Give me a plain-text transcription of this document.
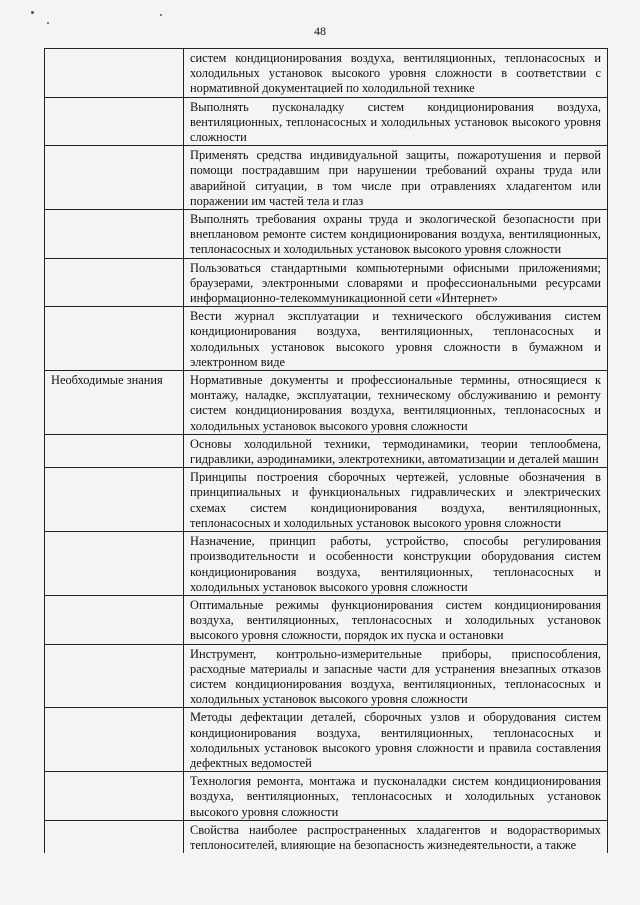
48
	систем кондиционирования воздуха, вентиляционных, теплонасосных и холодильных установок высокого уровня сложности в соответствии с нормативной документацией по холодильной технике
	Выполнять пусконаладку систем кондиционирования воздуха, вентиляционных, теплонасосных и холодильных установок высокого уровня сложности
	Применять средства индивидуальной защиты, пожаротушения и первой помощи пострадавшим при нарушении требований охраны труда или аварийной ситуации, в том числе при отравлениях хладагентом или поражении им частей тела и глаз
	Выполнять требования охраны труда и экологической безопасности при внеплановом ремонте систем кондиционирования воздуха, вентиляционных, теплонасосных и холодильных установок высокого уровня сложности
	Пользоваться стандартными компьютерными офисными приложениями; браузерами, электронными словарями и профессиональными ресурсами информационно-телекоммуникационной сети «Интернет»
	Вести журнал эксплуатации и технического обслуживания систем кондиционирования воздуха, вентиляционных, теплонасосных и холодильных установок высокого уровня сложности в бумажном и электронном виде
Необходимые знания	Нормативные документы и профессиональные термины, относящиеся к монтажу, наладке, эксплуатации, техническому обслуживанию и ремонту систем кондиционирования воздуха, вентиляционных, теплонасосных и холодильных установок высокого уровня сложности
	Основы холодильной техники, термодинамики, теории теплообмена, гидравлики, аэродинамики, электротехники, автоматизации и деталей машин
	Принципы построения сборочных чертежей, условные обозначения в принципиальных и функциональных гидравлических и электрических схемах систем кондиционирования воздуха, вентиляционных, теплонасосных и холодильных установок высокого уровня сложности
	Назначение, принцип работы, устройство, способы регулирования производительности и особенности конструкции оборудования систем кондиционирования воздуха, вентиляционных, теплонасосных и холодильных установок высокого уровня сложности
	Оптимальные режимы функционирования систем кондиционирования воздуха, вентиляционных, теплонасосных и холодильных установок высокого уровня сложности, порядок их пуска и остановки
	Инструмент, контрольно-измерительные приборы, приспособления, расходные материалы и запасные части для устранения внезапных отказов систем кондиционирования воздуха, вентиляционных, теплонасосных и холодильных установок высокого уровня сложности
	Методы дефектации деталей, сборочных узлов и оборудования систем кондиционирования воздуха, вентиляционных, теплонасосных и холодильных установок высокого уровня сложности и правила составления дефектных ведомостей
	Технология ремонта, монтажа и пусконаладки систем кондиционирования воздуха, вентиляционных, теплонасосных и холодильных установок высокого уровня сложности
	Свойства наиболее распространенных хладагентов и водорастворимых теплоносителей, влияющие на безопасность жизнедеятельности, а также
